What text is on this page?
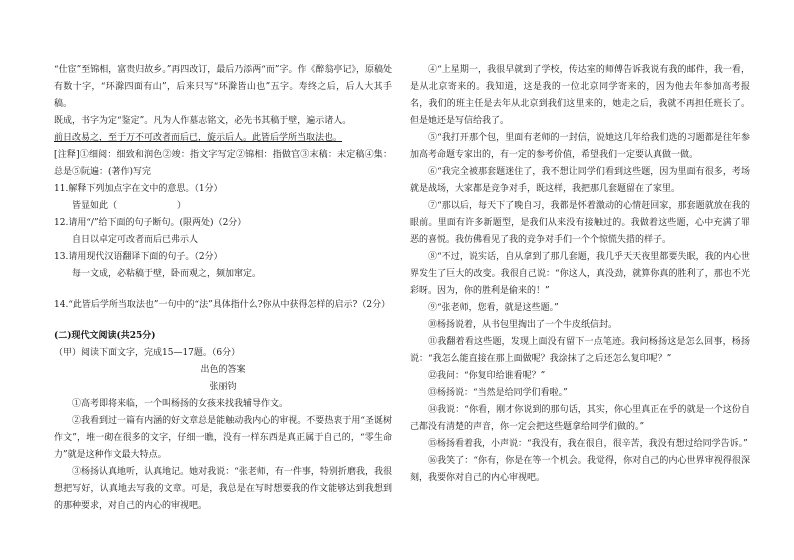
“仕宦”至锦相，富贵归故乡。”再四改订，最后乃添两“而”字。作《醉翁亭记》，原稿处有数十字，“环滁四面有山”，后来只写“环滁皆山也”五字。寿终之后，后人大其手稿。

既成，书字为定“鉴定”。凡为人作墓志铭文，必先书其稿于壁，遍示诸人。

前日改易之，至于万不可改者而后已，旋示后人。此皆后学所当取法也。

[注释]①细阅：细致和润色②竣：指文字写定②锦相：指做官③末稿：未定稿④集：总是⑤阮遍：(著作)写完

11.解释下列加点字在文中的意思。（1分）

皆显如此（	）

12.请用“/”给下面的句子断句。(限两处)（2分）

自日以卓定可改者而后已弗示人

13.请用现代汉语翻译下面的句子。（2分）

每一文成，必粘稿于壁，卧而观之，频加窜定。

14.“此皆后学所当取法也”一句中的“法”具体指什么?你从中获得怎样的启示?（2分）

(二)现代文阅读(共25分)

（甲）阅读下面文字，完成15—17题。（6分）

出色的答案

张丽钧

①高考即将来临，一个叫杨扬的女孩来找我辅导作文。

②我看到过一篇有内涵的好文章总是能触动我内心的审视。不要热衷于用“圣诞树作文”，堆一砌在很多的文字，仔细一瞧，没有一样东西是真正属于自己的，“零生命力”就是这种作文最大特点。

③杨扬认真地听，认真地记。她对我说：“张老师，有一件事，特别折磨我，我很想把写好，认真地去写我的文章。可是，我总是在写时想要我的作文能够达到我想到的那种要求，对自己的内心的审视吧。

④“上星期一，我很早就到了学校，传达室的师傅告诉我说有我的邮件，我一看，是从北京寄来的。我知道，这是我的一位北京同学寄来的，因为他去年参加高考报名，我们的班主任是去年从北京到我们这里来的，她走之后，我就不再担任班长了。但是她还是写信给我了。

⑤“我打开那个包，里面有老师的一封信，说她这几年给我们选的习题都是往年参加高考命题专家出的，有一定的参考价值，希望我们一定要认真做一做。

⑥“我完全被那套题迷住了，我不想让同学们看到这些题，因为里面有很多，考场就是战场，大家都是竞争对手，既这样，我把那几套题留在了家里。

⑦“那以后，每天下了晚自习，我都是怀着激动的心情赶回家，那套题就放在我的眼前。里面有许多新题型，是我们从来没有接触过的。我做着这些题，心中充满了罪恶的喜悦。我仿佛看见了我的竞争对手们一个个惊慌失措的样子。

⑧“不过，说实话，自从拿到了那几套题，我几乎天天夜里都要失眠，我的内心世界发生了巨大的改变。我很自己说：“你这人，真没劲，就算你真的胜利了，那也不光彩呀。因为，你的胜利是偷来的！”

⑨“张老师，您看，就是这些题。”

⑩杨扬说着，从书包里掏出了一个牛皮纸信封。

⑪我翻着看这些题，发现上面没有留下一点笔迹。我问杨扬这是怎么回事，杨扬说：“我怎么能直接在那上面做呢？我涂抹了之后还怎么复印呢？”

⑫我问：“你复印给谁看呢？”

⑬杨扬说：“当然是给同学们看啦。”

⑭我说：“你看，刚才你说到的那句话，其实，你心里真正在乎的就是一个这份自己都没有清楚的声音，你一定会把这些题拿给同学们做的。”

⑮杨扬看着我，小声说：“我没有，我在很自，很辛苦，我没有想过给同学告诉。”

⑯我笑了：“你有，你是在等一个机会。我觉得，你对自己的内心世界审视得很深刻，我要你对自己的内心审视吧。
